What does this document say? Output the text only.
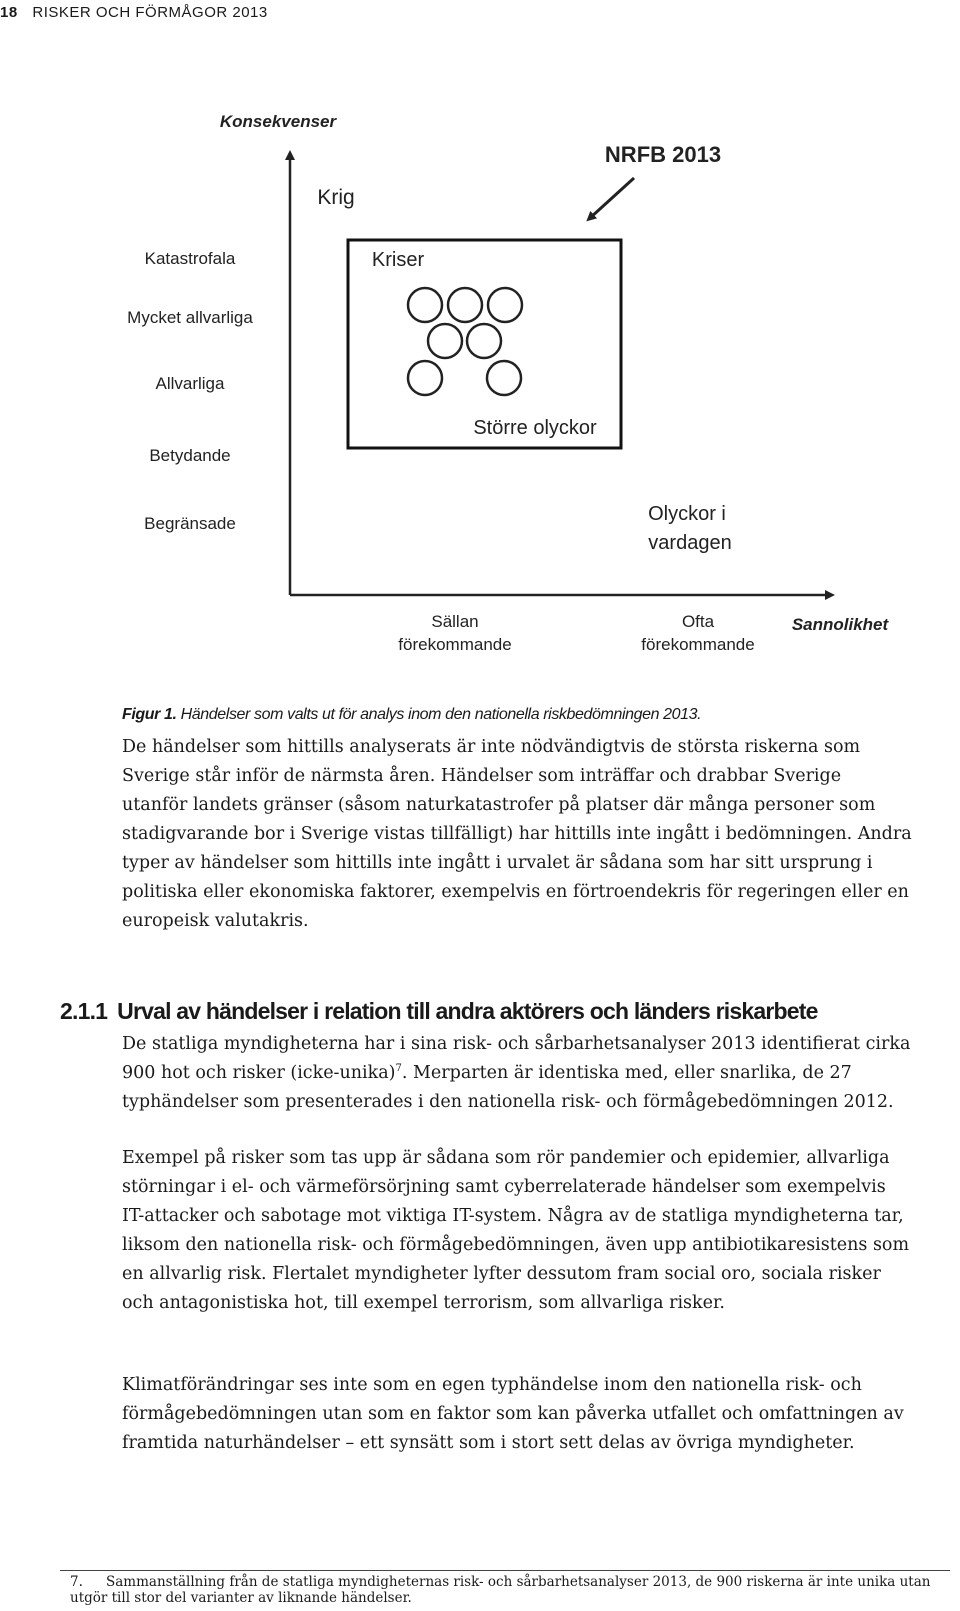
18 RISKER OCH FÖRMÅGOR 2013
Konsekvenser
Sannolikhet
Krig
Katastrofala
Mycket allvarliga
Allvarliga
Betydande
Begränsade
Sällan
förekommande
Ofta
förekommande
NRFB 2013
Kriser
Större olyckor
Olyckor i
vardagen
Figur 1. Händelser som valts ut för analys inom den nationella riskbedömningen 2013.

De händelser som hittills analyserats är inte nödvändigtvis de största riskerna som Sverige står inför de närmsta åren. Händelser som inträffar och drabbar Sverige utanför landets gränser (såsom naturkatastrofer på platser där många personer som stadigvarande bor i Sverige vistas tillfälligt) har hittills inte ingått i bedömningen. Andra typer av händelser som hittills inte ingått i urvalet är sådana som har sitt ursprung i politiska eller ekonomiska faktorer, exempelvis en förtroendekris för regeringen eller en europeisk valutakris.

2.1.1 Urval av händelser i relation till andra aktörers och länders riskarbete

De statliga myndigheterna har i sina risk- och sårbarhetsanalyser 2013 identifierat cirka 900 hot och risker (icke-unika)$^7$. Merparten är identiska med, eller snarlika, de 27 typhändelser som presenterades i den nationella risk- och förmågebedömningen 2012.

Exempel på risker som tas upp är sådana som rör pandemier och epidemier, allvarliga störningar i el- och värmeförsörjning samt cyberrelaterade händelser som exempelvis IT-attacker och sabotage mot viktiga IT-system. Några av de statliga myndigheterna tar, liksom den nationella risk- och förmågebedömningen, även upp antibiotikaresistens som en allvarlig risk. Flertalet myndigheter lyfter dessutom fram social oro, sociala risker och antagonistiska hot, till exempel terrorism, som allvarliga risker.

Klimatförändringar ses inte som en egen typhändelse inom den nationella risk- och förmågebedömningen utan som en faktor som kan påverka utfallet och omfattningen av framtida naturhändelser – ett synsätt som i stort sett delas av övriga myndigheter.

7. Sammanställning från de statliga myndigheternas risk- och sårbarhetsanalyser 2013, de 900 riskerna är inte unika utan utgör till stor del varianter av liknande händelser.
